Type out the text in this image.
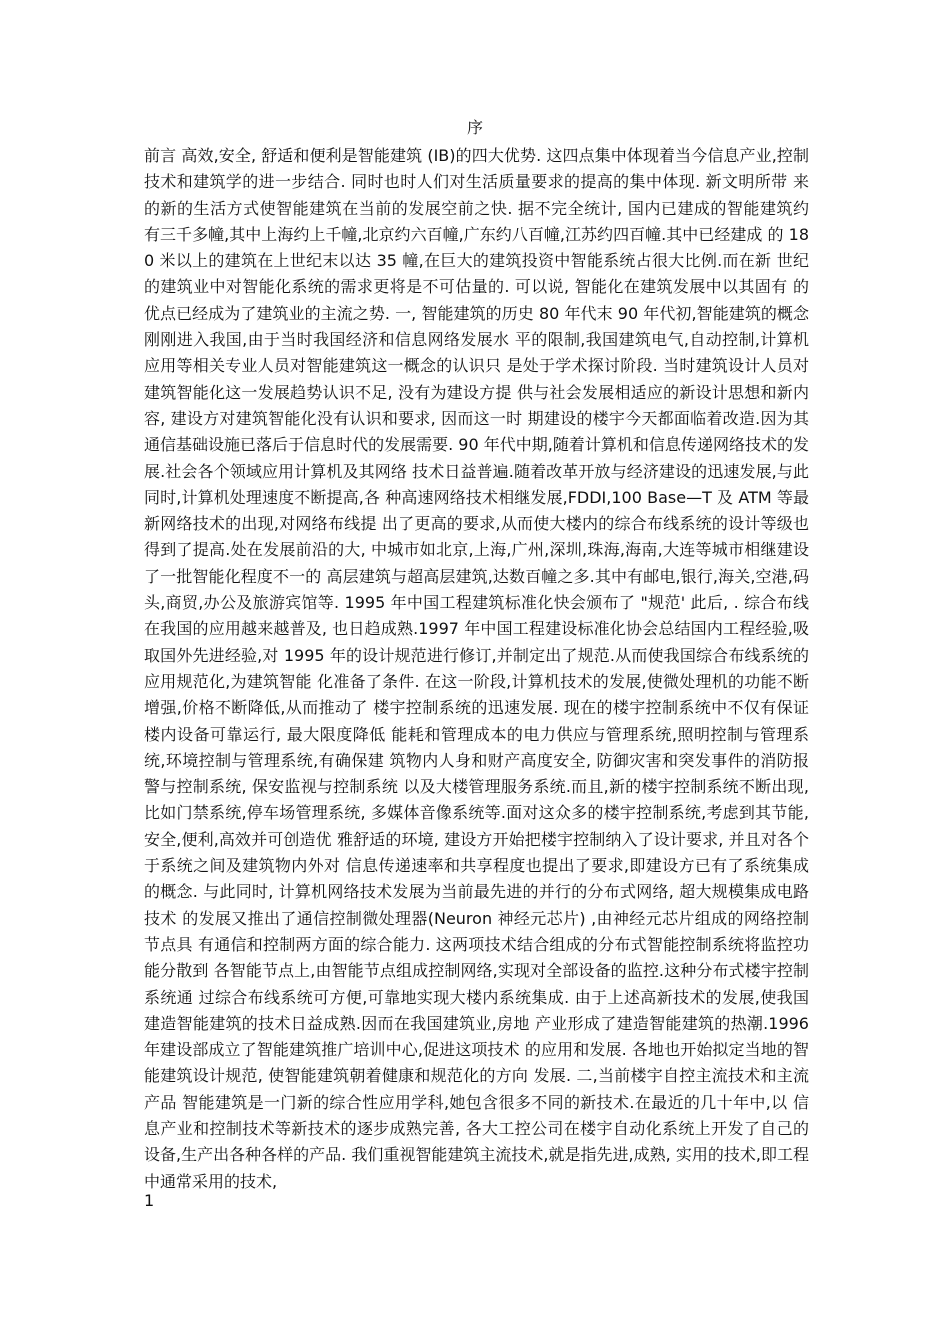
序

前言 高效,安全, 舒适和便利是智能建筑 (IB)的四大优势. 这四点集中体现着当今信息产业,控制技术和建筑学的进一步结合. 同时也时人们对生活质量要求的提高的集中体现. 新文明所带 来的新的生活方式使智能建筑在当前的发展空前之快. 据不完全统计, 国内已建成的智能建筑约 有三千多幢,其中上海约上千幢,北京约六百幢,广东约八百幢,江苏约四百幢.其中已经建成 的 180 米以上的建筑在上世纪末以达 35 幢,在巨大的建筑投资中智能系统占很大比例.而在新 世纪的建筑业中对智能化系统的需求更将是不可估量的. 可以说, 智能化在建筑发展中以其固有 的优点已经成为了建筑业的主流之势. 一, 智能建筑的历史 80 年代末 90 年代初,智能建筑的概念刚刚进入我国,由于当时我国经济和信息网络发展水 平的限制,我国建筑电气,自动控制,计算机应用等相关专业人员对智能建筑这一概念的认识只 是处于学术探讨阶段. 当时建筑设计人员对建筑智能化这一发展趋势认识不足, 没有为建设方提 供与社会发展相适应的新设计思想和新内容, 建设方对建筑智能化没有认识和要求, 因而这一时 期建设的楼宇今天都面临着改造.因为其通信基础设施已落后于信息时代的发展需要. 90 年代中期,随着计算机和信息传递网络技术的发展.社会各个领域应用计算机及其网络 技术日益普遍.随着改革开放与经济建设的迅速发展,与此同时,计算机处理速度不断提高,各 种高速网络技术相继发展,FDDI,100 Base—T 及 ATM 等最新网络技术的出现,对网络布线提 出了更高的要求,从而使大楼内的综合布线系统的设计等级也得到了提高.处在发展前沿的大, 中城市如北京,上海,广州,深圳,珠海,海南,大连等城市相继建设了一批智能化程度不一的 高层建筑与超高层建筑,达数百幢之多.其中有邮电,银行,海关,空港,码头,商贸,办公及旅游宾馆等. 1995 年中国工程建筑标准化快会颁布了 "规范' 此后, . 综合布线在我国的应用越来越普及, 也日趋成熟.1997 年中国工程建设标准化协会总结国内工程经验,吸取国外先进经验,对 1995 年的设计规范进行修订,并制定出了规范.从而使我国综合布线系统的应用规范化,为建筑智能 化准备了条件. 在这一阶段,计算机技术的发展,使微处理机的功能不断增强,价格不断降低,从而推动了 楼宇控制系统的迅速发展. 现在的楼宇控制系统中不仅有保证楼内设备可靠运行, 最大限度降低 能耗和管理成本的电力供应与管理系统,照明控制与管理系统,环境控制与管理系统,有确保建 筑物内人身和财产高度安全, 防御灾害和突发事件的消防报警与控制系统, 保安监视与控制系统 以及大楼管理服务系统.而且,新的楼宇控制系统不断出现,比如门禁系统,停车场管理系统, 多媒体音像系统等.面对这众多的楼宇控制系统,考虑到其节能,安全,便利,高效并可创造优 雅舒适的环境, 建设方开始把楼宇控制纳入了设计要求, 并且对各个于系统之间及建筑物内外对 信息传递速率和共享程度也提出了要求,即建设方已有了系统集成的概念. 与此同时, 计算机网络技术发展为当前最先进的并行的分布式网络, 超大规模集成电路技术 的发展又推出了通信控制微处理器(Neuron 神经元芯片) ,由神经元芯片组成的网络控制节点具 有通信和控制两方面的综合能力. 这两项技术结合组成的分布式智能控制系统将监控功能分散到 各智能节点上,由智能节点组成控制网络,实现对全部设备的监控.这种分布式楼宇控制系统通 过综合布线系统可方便,可靠地实现大楼内系统集成. 由于上述高新技术的发展,使我国建造智能建筑的技术日益成熟.因而在我国建筑业,房地 产业形成了建造智能建筑的热潮.1996 年建设部成立了智能建筑推广培训中心,促进这项技术 的应用和发展. 各地也开始拟定当地的智能建筑设计规范, 使智能建筑朝着健康和规范化的方向 发展. 二,当前楼宇自控主流技术和主流产品 智能建筑是一门新的综合性应用学科,她包含很多不同的新技术.在最近的几十年中,以 信息产业和控制技术等新技术的逐步成熟完善, 各大工控公司在楼宇自动化系统上开发了自己的 设备,生产出各种各样的产品. 我们重视智能建筑主流技术,就是指先进,成熟, 实用的技术,即工程中通常采用的技术,

1
